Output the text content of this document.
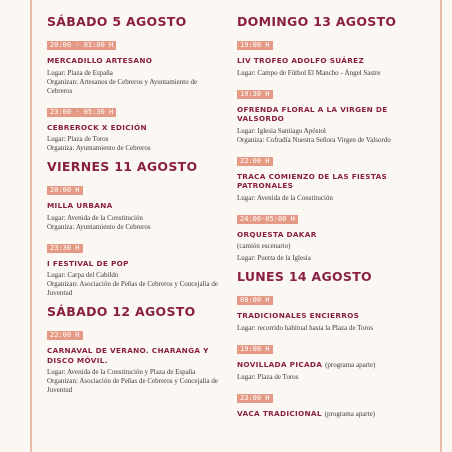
SÁBADO 5 AGOSTO
20:00 - 01:00 H
MERCADILLO ARTESANO
Lugar: Plaza de España
Organizan: Artesanos de Cebreros y Ayuntamiento de Cebreros
23:00 - 05:30 H
CEBREROCK X EDICIÓN
Lugar: Plaza de Toros
Organiza: Ayuntamiento de Cebreros
VIERNES 11 AGOSTO
20:00 H
MILLA URBANA
Lugar: Avenida de la Constitución
Organiza: Ayuntamiento de Cebreros
23:30 H
I FESTIVAL DE POP
Lugar: Carpa del Cabildo
Organizan: Asociación de Peñas de Cebreros y Concejalía de Juventud
SÁBADO 12 AGOSTO
22:00 H
CARNAVAL DE VERANO. CHARANGA Y DISCO MÓVIL.
Lugar: Avenida de la Constitución y Plaza de España
Organizan: Asociación de Peñas de Cebreros y Concejalía de Juventud
DOMINGO 13 AGOSTO
19:00 H
LIV TROFEO ADOLFO SUÁREZ
Lugar: Campo de Fútbol El Mancho - Ángel Sastre
19:30 H
OFRENDA FLORAL A LA VIRGEN DE VALSORDO
Lugar: Iglesia Santiago Apóstol
Organiza: Cofradía Nuestra Señora Virgen de Valsordo
22:00 H
TRACA COMIENZO DE LAS FIESTAS PATRONALES
Lugar: Avenida de la Constitución
24:00-05:00 H
ORQUESTA DAKAR
(camión escenario)
Lugar: Puerta de la Iglesia
LUNES 14 AGOSTO
08:00 H
TRADICIONALES ENCIERROS
Lugar: recorrido habitual hasta la Plaza de Toros
19:00 H
NOVILLADA PICADA (programa aparte)
Lugar: Plaza de Toros
23:00 H
VACA TRADICIONAL (programa aparte)
